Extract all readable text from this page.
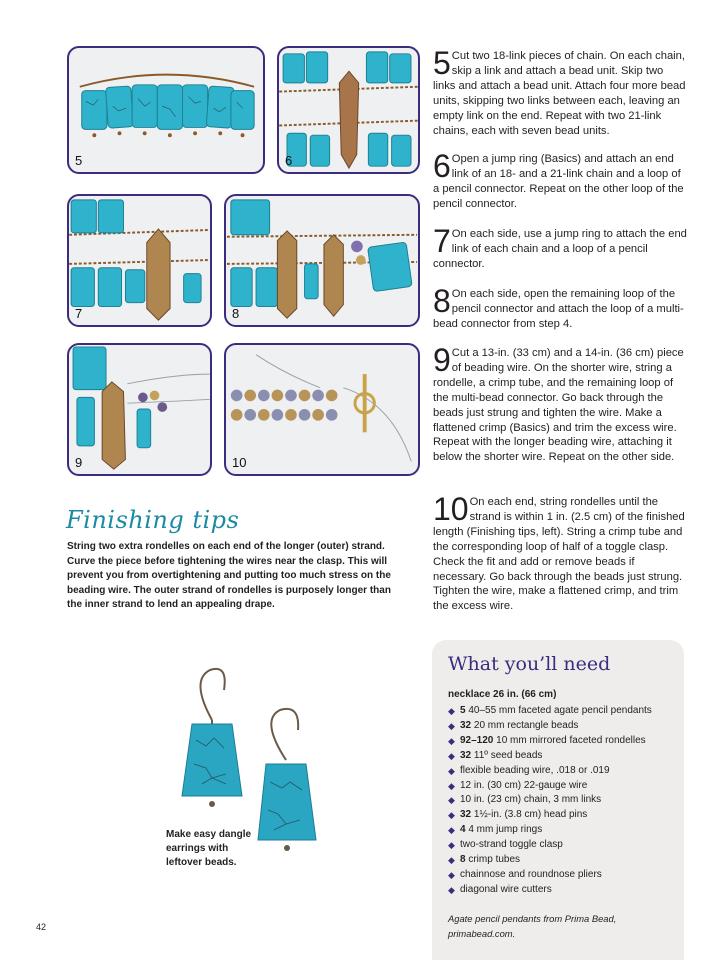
5	6
7	8
9	10
5 Cut two 18-link pieces of chain. On each chain, skip a link and attach a bead unit. Skip two links and attach a bead unit. Attach four more bead units, skipping two links between each, leaving an empty link on the end. Repeat with two 21-link chains, each with seven bead units.
6 Open a jump ring (Basics) and attach an end link of an 18- and a 21-link chain and a loop of a pencil connector. Repeat on the other loop of the pencil connector.
7 On each side, use a jump ring to attach the end link of each chain and a loop of a pencil connector.
8 On each side, open the remaining loop of the pencil connector and attach the loop of a multi-bead connector from step 4.
9 Cut a 13-in. (33 cm) and a 14-in. (36 cm) piece of beading wire. On the shorter wire, string a rondelle, a crimp tube, and the remaining loop of the multi-bead connector. Go back through the beads just strung and tighten the wire. Make a flattened crimp (Basics) and trim the excess wire. Repeat with the longer beading wire, attaching it below the shorter wire. Repeat on the other side.
10 On each end, string rondelles until the strand is within 1 in. (2.5 cm) of the finished length (Finishing tips, left). String a crimp tube and the corresponding loop of half of a toggle clasp. Check the fit and add or remove beads if necessary. Go back through the beads just strung. Tighten the wire, make a flattened crimp, and trim the excess wire.
Finishing tips
String two extra rondelles on each end of the longer (outer) strand. Curve the piece before tightening the wires near the clasp. This will prevent you from overtightening and putting too much stress on the beading wire. The outer strand of rondelles is purposely longer than the inner strand to lend an appealing drape.
Make easy dangle earrings with leftover beads.
42
What you’ll need
necklace 26 in. (66 cm)
◆ 5 40–55 mm faceted agate pencil pendants
◆ 32 20 mm rectangle beads
◆ 92–120 10 mm mirrored faceted rondelles
◆ 32 11º seed beads
◆ flexible beading wire, .018 or .019
◆ 12 in. (30 cm) 22-gauge wire
◆ 10 in. (23 cm) chain, 3 mm links
◆ 32 1½-in. (3.8 cm) head pins
◆ 4 4 mm jump rings
◆ two-strand toggle clasp
◆ 8 crimp tubes
◆ chainnose and roundnose pliers
◆ diagonal wire cutters
Agate pencil pendants from Prima Bead, primabead.com.
